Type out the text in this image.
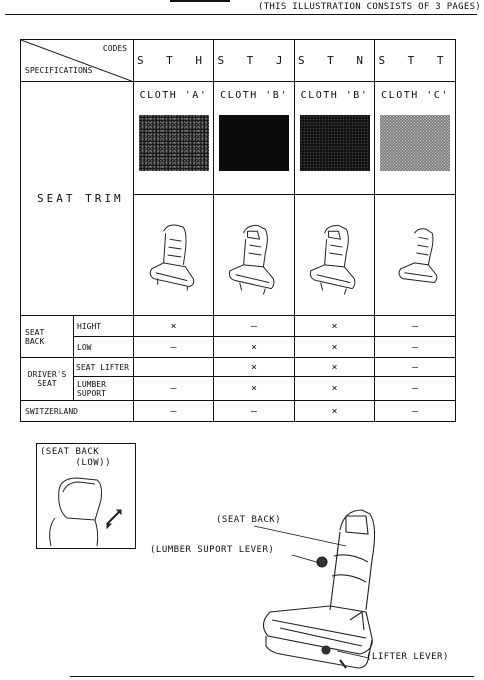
(THIS ILLUSTRATION CONSISTS OF 3 PAGES)
CODES
SPECIFICATIONS		S T H	S T J	S T N	S T T

SEAT TRIM		CLOTH 'A'	CLOTH 'B'	CLOTH 'B'	CLOTH 'C'

SEAT
BACK	HIGHT	×	—	×	—
	LOW	—	×	×	—
DRIVER'S
SEAT	SEAT LIFTER		×	×	—
	LUMBER
SUPORT	—	×	×	—
SWITZERLAND		—	—	×	—
(SEAT BACK
(LOW))
(SEAT BACK)
(LUMBER SUPORT LEVER)
(LIFTER LEVER)
